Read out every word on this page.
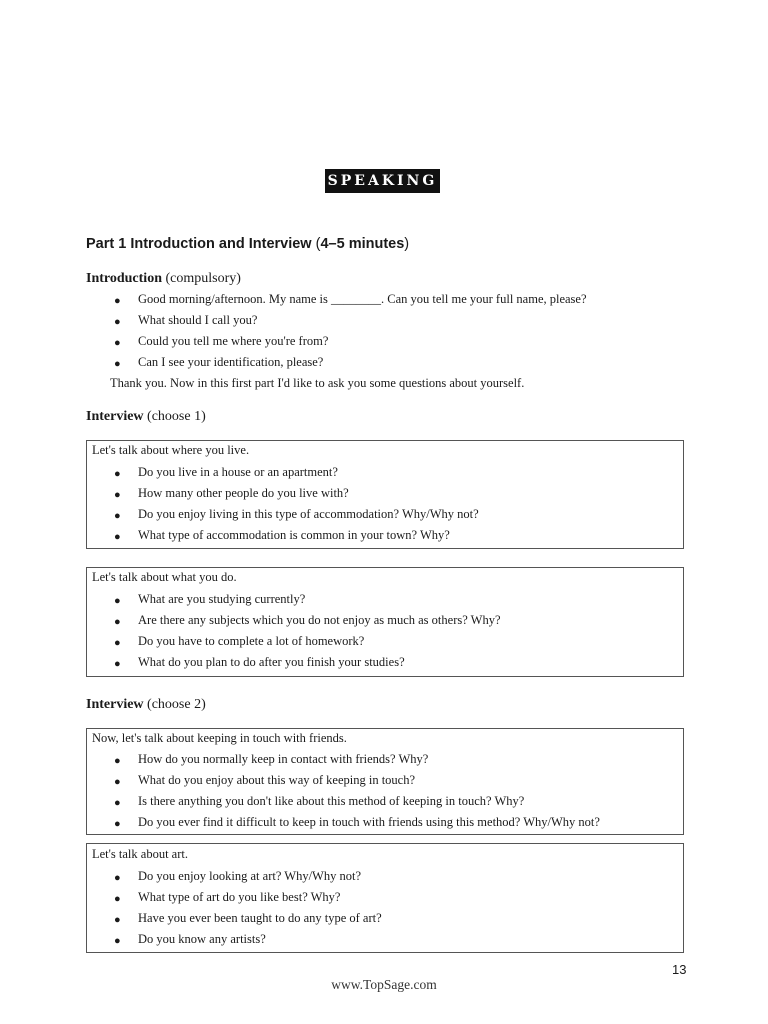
SPEAKING
Part 1 Introduction and Interview (4–5 minutes)
Introduction (compulsory)
● Good morning/afternoon. My name is ________. Can you tell me your full name, please?
● What should I call you?
● Could you tell me where you're from?
● Can I see your identification, please?
Thank you. Now in this first part I'd like to ask you some questions about yourself.
Interview (choose 1)
Let's talk about where you live.
● Do you live in a house or an apartment?
● How many other people do you live with?
● Do you enjoy living in this type of accommodation? Why/Why not?
● What type of accommodation is common in your town? Why?
Let's talk about what you do.
● What are you studying currently?
● Are there any subjects which you do not enjoy as much as others? Why?
● Do you have to complete a lot of homework?
● What do you plan to do after you finish your studies?
Interview (choose 2)
Now, let's talk about keeping in touch with friends.
● How do you normally keep in contact with friends? Why?
● What do you enjoy about this way of keeping in touch?
● Is there anything you don't like about this method of keeping in touch? Why?
● Do you ever find it difficult to keep in touch with friends using this method? Why/Why not?
Let's talk about art.
● Do you enjoy looking at art? Why/Why not?
● What type of art do you like best? Why?
● Have you ever been taught to do any type of art?
● Do you know any artists?
13
www.TopSage.com
